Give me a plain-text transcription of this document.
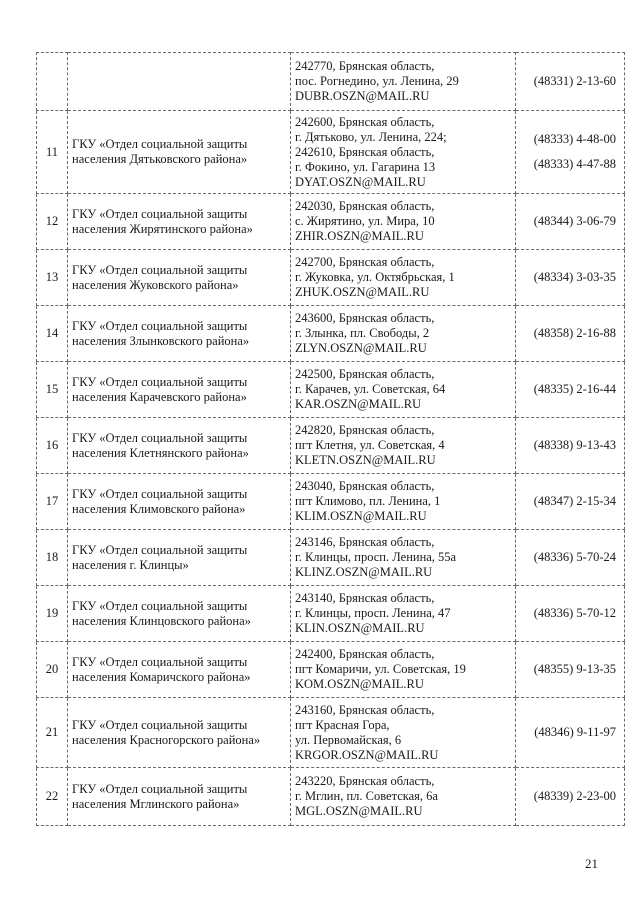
		242770, Брянская область,
пос. Рогнедино, ул. Ленина, 29
DUBR.OSZN@MAIL.RU	(48331) 2-13-60

11	ГКУ «Отдел социальной защиты
населения Дятьковского района»	242600, Брянская область,
г. Дятьково, ул. Ленина, 224;
242610, Брянская область,
г. Фокино, ул. Гагарина 13
DYAT.OSZN@MAIL.RU	(48333) 4-48-00
(48333) 4-47-88

12	ГКУ «Отдел социальной защиты
населения Жирятинского района»	242030, Брянская область,
с. Жирятино, ул. Мира, 10
ZHIR.OSZN@MAIL.RU	(48344) 3-06-79

13	ГКУ «Отдел социальной защиты
населения Жуковского района»	242700, Брянская область,
г. Жуковка, ул. Октябрьская, 1
ZHUK.OSZN@MAIL.RU	(48334) 3-03-35

14	ГКУ «Отдел социальной защиты
населения Злынковского района»	243600, Брянская область,
г. Злынка, пл. Свободы, 2
ZLYN.OSZN@MAIL.RU	(48358) 2-16-88

15	ГКУ «Отдел социальной защиты
населения Карачевского района»	242500, Брянская область,
г. Карачев, ул. Советская, 64
KAR.OSZN@MAIL.RU	(48335) 2-16-44

16	ГКУ «Отдел социальной защиты
населения Клетнянского района»	242820, Брянская область,
пгт Клетня, ул. Советская, 4
KLETN.OSZN@MAIL.RU	(48338) 9-13-43

17	ГКУ «Отдел социальной защиты
населения Климовского района»	243040, Брянская область,
пгт Климово, пл. Ленина, 1
KLIM.OSZN@MAIL.RU	(48347) 2-15-34

18	ГКУ «Отдел социальной защиты
населения г. Клинцы»	243146, Брянская область,
г. Клинцы, просп. Ленина, 55а
KLINZ.OSZN@MAIL.RU	(48336) 5-70-24

19	ГКУ «Отдел социальной защиты
населения Клинцовского района»	243140, Брянская область,
г. Клинцы, просп. Ленина, 47
KLIN.OSZN@MAIL.RU	(48336) 5-70-12

20	ГКУ «Отдел социальной защиты
населения Комаричского района»	242400, Брянская область,
пгт Комаричи, ул. Советская, 19
KOM.OSZN@MAIL.RU	(48355) 9-13-35

21	ГКУ «Отдел социальной защиты
населения Красногорского района»	243160, Брянская область,
пгт Красная Гора,
ул. Первомайская, 6
KRGOR.OSZN@MAIL.RU	(48346) 9-11-97

22	ГКУ «Отдел социальной защиты
населения Мглинского района»	243220, Брянская область,
г. Мглин, пл. Советская, 6а
MGL.OSZN@MAIL.RU	(48339) 2-23-00
21
